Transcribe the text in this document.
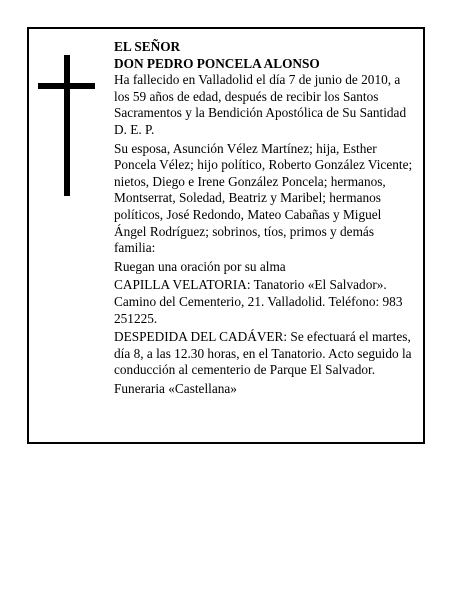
EL SEÑOR
DON PEDRO PONCELA ALONSO

Ha fallecido en Valladolid el día 7 de junio de 2010, a los 59 años de edad, después de recibir los Santos Sacramentos y la Bendición Apostólica de Su Santidad D. E. P.

Su esposa, Asunción Vélez Martínez; hija, Esther Poncela Vélez; hijo político, Roberto González Vicente; nietos, Diego e Irene González Poncela; hermanos, Montserrat, Soledad, Beatriz y Maribel; hermanos políticos, José Redondo, Mateo Cabañas y Miguel Ángel Rodríguez; sobrinos, tíos, primos y demás familia:

Ruegan una oración por su alma

CAPILLA VELATORIA: Tanatorio «El Salvador». Camino del Cementerio, 21. Valladolid. Teléfono: 983 251225.

DESPEDIDA DEL CADÁVER: Se efectuará el martes, día 8, a las 12.30 horas, en el Tanatorio. Acto seguido la conducción al cementerio de Parque El Salvador.

Funeraria «Castellana»
